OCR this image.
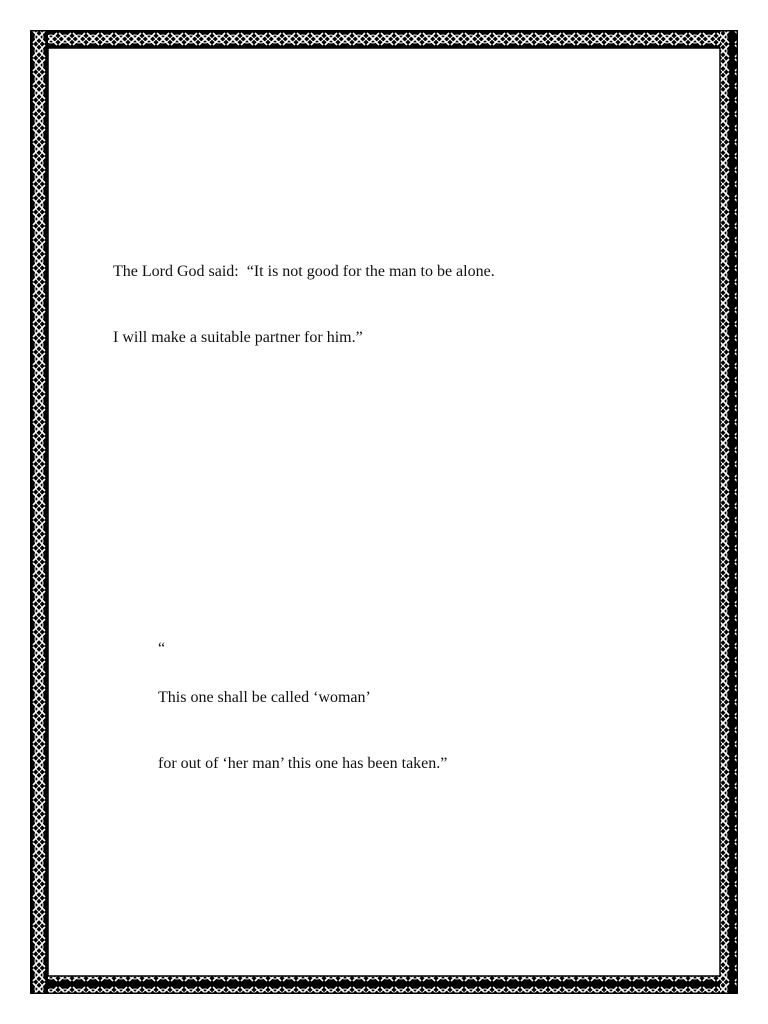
The Lord God said:  “It is not good for the man to be alone.

I will make a suitable partner for him.”

“

This one shall be called ‘woman’

for out of ‘her man’ this one has been taken.”
